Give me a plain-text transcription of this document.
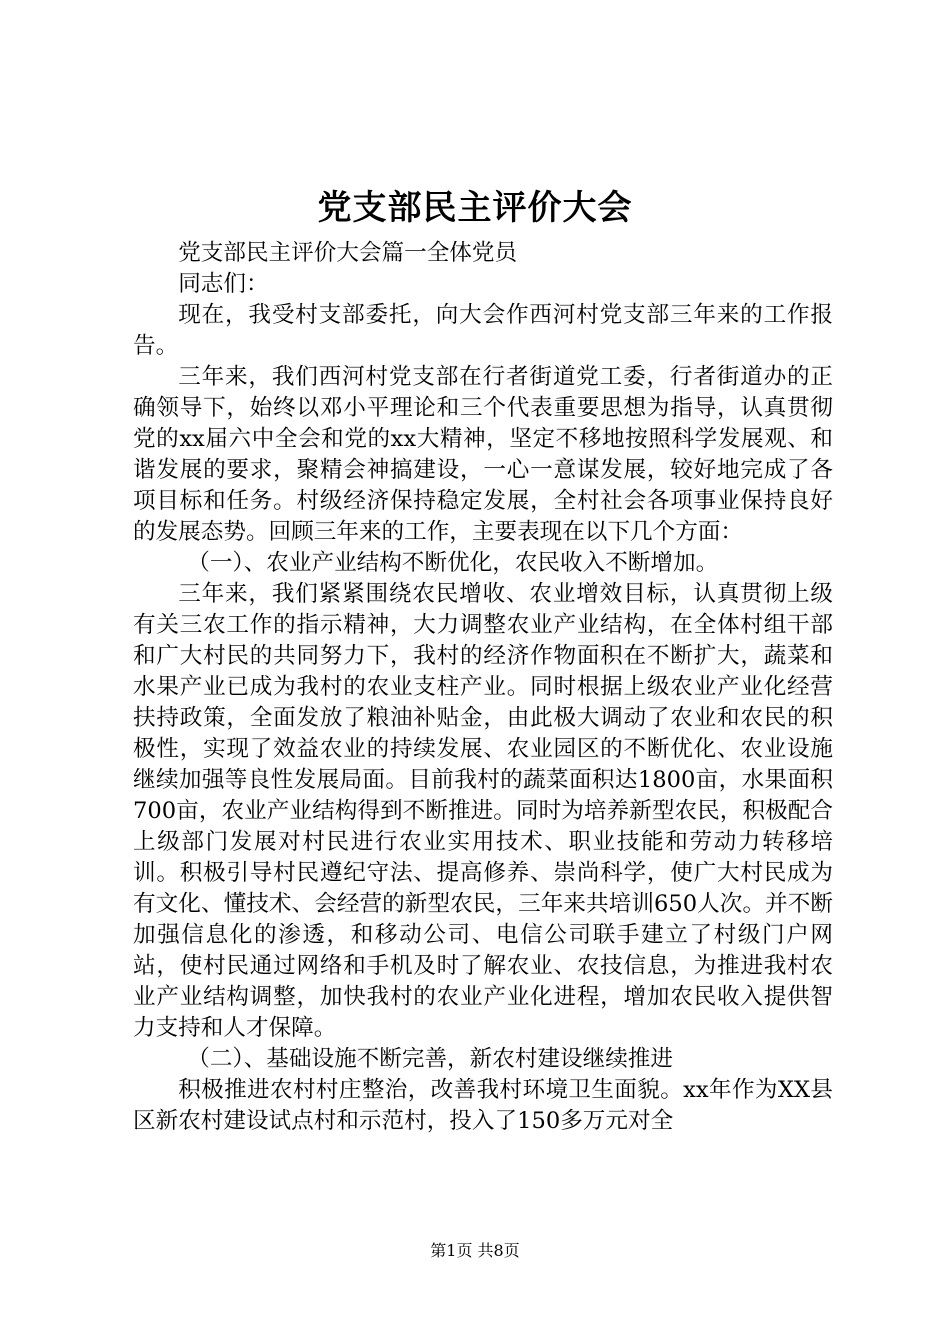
党支部民主评价大会

党支部民主评价大会篇一全体党员

同志们：

现在，我受村支部委托，向大会作西河村党支部三年来的工作报告。

三年来，我们西河村党支部在行者街道党工委，行者街道办的正确领导下，始终以邓小平理论和三个代表重要思想为指导，认真贯彻党的xx届六中全会和党的xx大精神，坚定不移地按照科学发展观、和谐发展的要求，聚精会神搞建设，一心一意谋发展，较好地完成了各项目标和任务。村级经济保持稳定发展，全村社会各项事业保持良好的发展态势。回顾三年来的工作，主要表现在以下几个方面：

（一）、农业产业结构不断优化，农民收入不断增加。

三年来，我们紧紧围绕农民增收、农业增效目标，认真贯彻上级有关三农工作的指示精神，大力调整农业产业结构，在全体村组干部和广大村民的共同努力下，我村的经济作物面积在不断扩大，蔬菜和水果产业已成为我村的农业支柱产业。同时根据上级农业产业化经营扶持政策，全面发放了粮油补贴金，由此极大调动了农业和农民的积极性，实现了效益农业的持续发展、农业园区的不断优化、农业设施继续加强等良性发展局面。目前我村的蔬菜面积达1800亩，水果面积700亩，农业产业结构得到不断推进。同时为培养新型农民，积极配合上级部门发展对村民进行农业实用技术、职业技能和劳动力转移培训。积极引导村民遵纪守法、提高修养、崇尚科学，使广大村民成为有文化、懂技术、会经营的新型农民，三年来共培训650人次。并不断加强信息化的渗透，和移动公司、电信公司联手建立了村级门户网站，使村民通过网络和手机及时了解农业、农技信息，为推进我村农业产业结构调整，加快我村的农业产业化进程，增加农民收入提供智力支持和人才保障。

（二）、基础设施不断完善，新农村建设继续推进

积极推进农村村庄整治，改善我村环境卫生面貌。xx年作为XX县区新农村建设试点村和示范村，投入了150多万元对全

第1页 共8页
